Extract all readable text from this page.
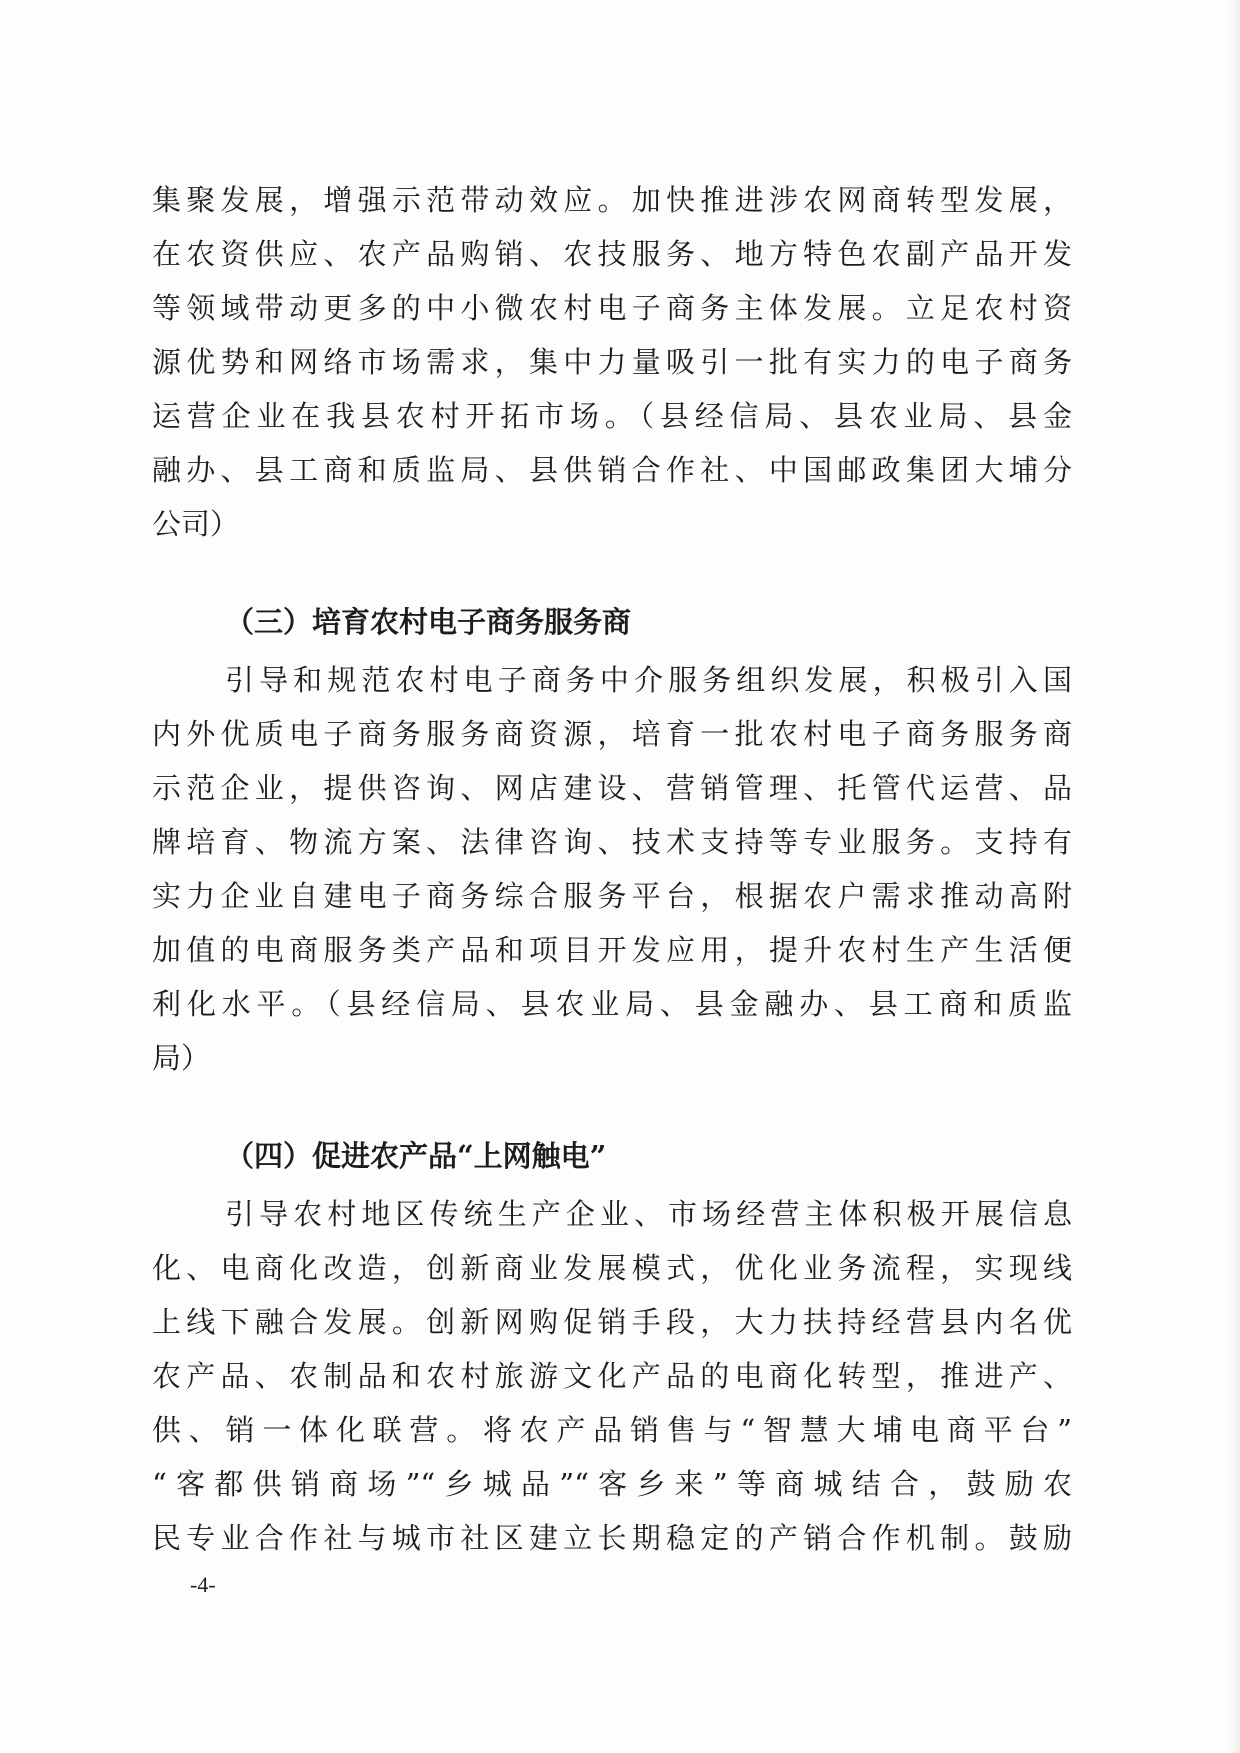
集聚发展，增强示范带动效应。加快推进涉农网商转型发展，
在农资供应、农产品购销、农技服务、地方特色农副产品开发
等领域带动更多的中小微农村电子商务主体发展。立足农村资
源优势和网络市场需求，集中力量吸引一批有实力的电子商务
运营企业在我县农村开拓市场。（县经信局、县农业局、县金
融办、县工商和质监局、县供销合作社、中国邮政集团大埔分
公司）
（三）培育农村电子商务服务商
引导和规范农村电子商务中介服务组织发展，积极引入国
内外优质电子商务服务商资源，培育一批农村电子商务服务商
示范企业，提供咨询、网店建设、营销管理、托管代运营、品
牌培育、物流方案、法律咨询、技术支持等专业服务。支持有
实力企业自建电子商务综合服务平台，根据农户需求推动高附
加值的电商服务类产品和项目开发应用，提升农村生产生活便
利化水平。（县经信局、县农业局、县金融办、县工商和质监
局）
（四）促进农产品“上网触电”
引导农村地区传统生产企业、市场经营主体积极开展信息
化、电商化改造，创新商业发展模式，优化业务流程，实现线
上线下融合发展。创新网购促销手段，大力扶持经营县内名优
农产品、农制品和农村旅游文化产品的电商化转型，推进产、
供、销一体化联营。将农产品销售与“智慧大埔电商平台”
“客都供销商场”“乡城品”“客乡来”等商城结合，鼓励农
民专业合作社与城市社区建立长期稳定的产销合作机制。鼓励
-4-
